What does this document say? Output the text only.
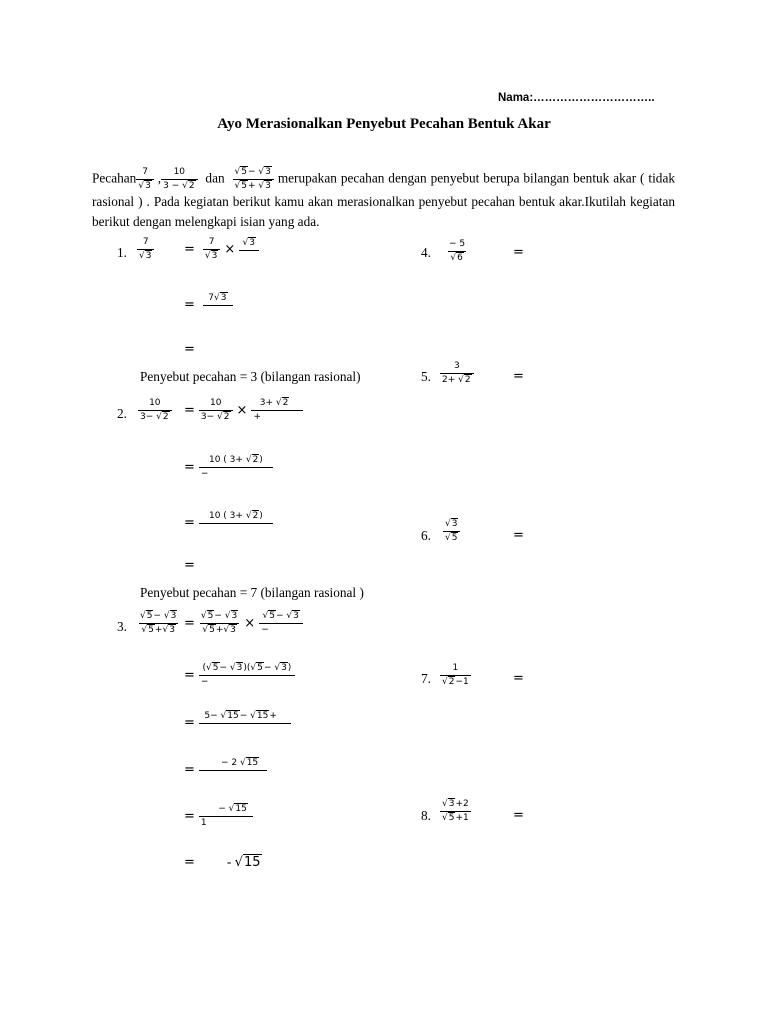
Nama:…………………………..
Ayo Merasionalkan Penyebut Pecahan Bentuk Akar
Pecahan $\frac{7}{√3}$ , $\frac{10}{3 - √2}$ dan $\frac{√5- √3}{√5+ √3}$ merupakan pecahan dengan penyebut berupa bilangan bentuk akar ( tidak rasional ) . Pada kegiatan berikut kamu akan merasionalkan penyebut pecahan bentuk akar.Ikutilah kegiatan berikut dengan melengkapi isian yang ada.
1. $\frac{7}{√3} = \frac{7}{√3} \times √3$
= 7√3
=
Penyebut pecahan = 3 (bilangan rasional)
2. $\frac{10}{3- √2} = \frac{10}{3- √2} \times \frac{3+ √2}{+}$
= $\frac{10 ( 3+ √2)}{-}$
= 10 ( 3+ √2)
=
Penyebut pecahan = 7 (bilangan rasional )
3. $\frac{√5- √3}{√5+√3} = \frac{√5- √3}{√5+√3} \times \frac{√5- √3}{-}$
= $\frac{(√5- √3)(√5- √3)}{-}$
= 5− √15− √15+
=	− 2 √15
= $\frac{- √15}{1}$
= - √15
4. $\frac{- 5}{√6}$	=
5. $\frac{3}{2+ √2}$	=
6. $\frac{√3}{√5}$	=
7. $\frac{1}{√2-1}$	=
8. $\frac{√3+2}{√5+1}$	=
